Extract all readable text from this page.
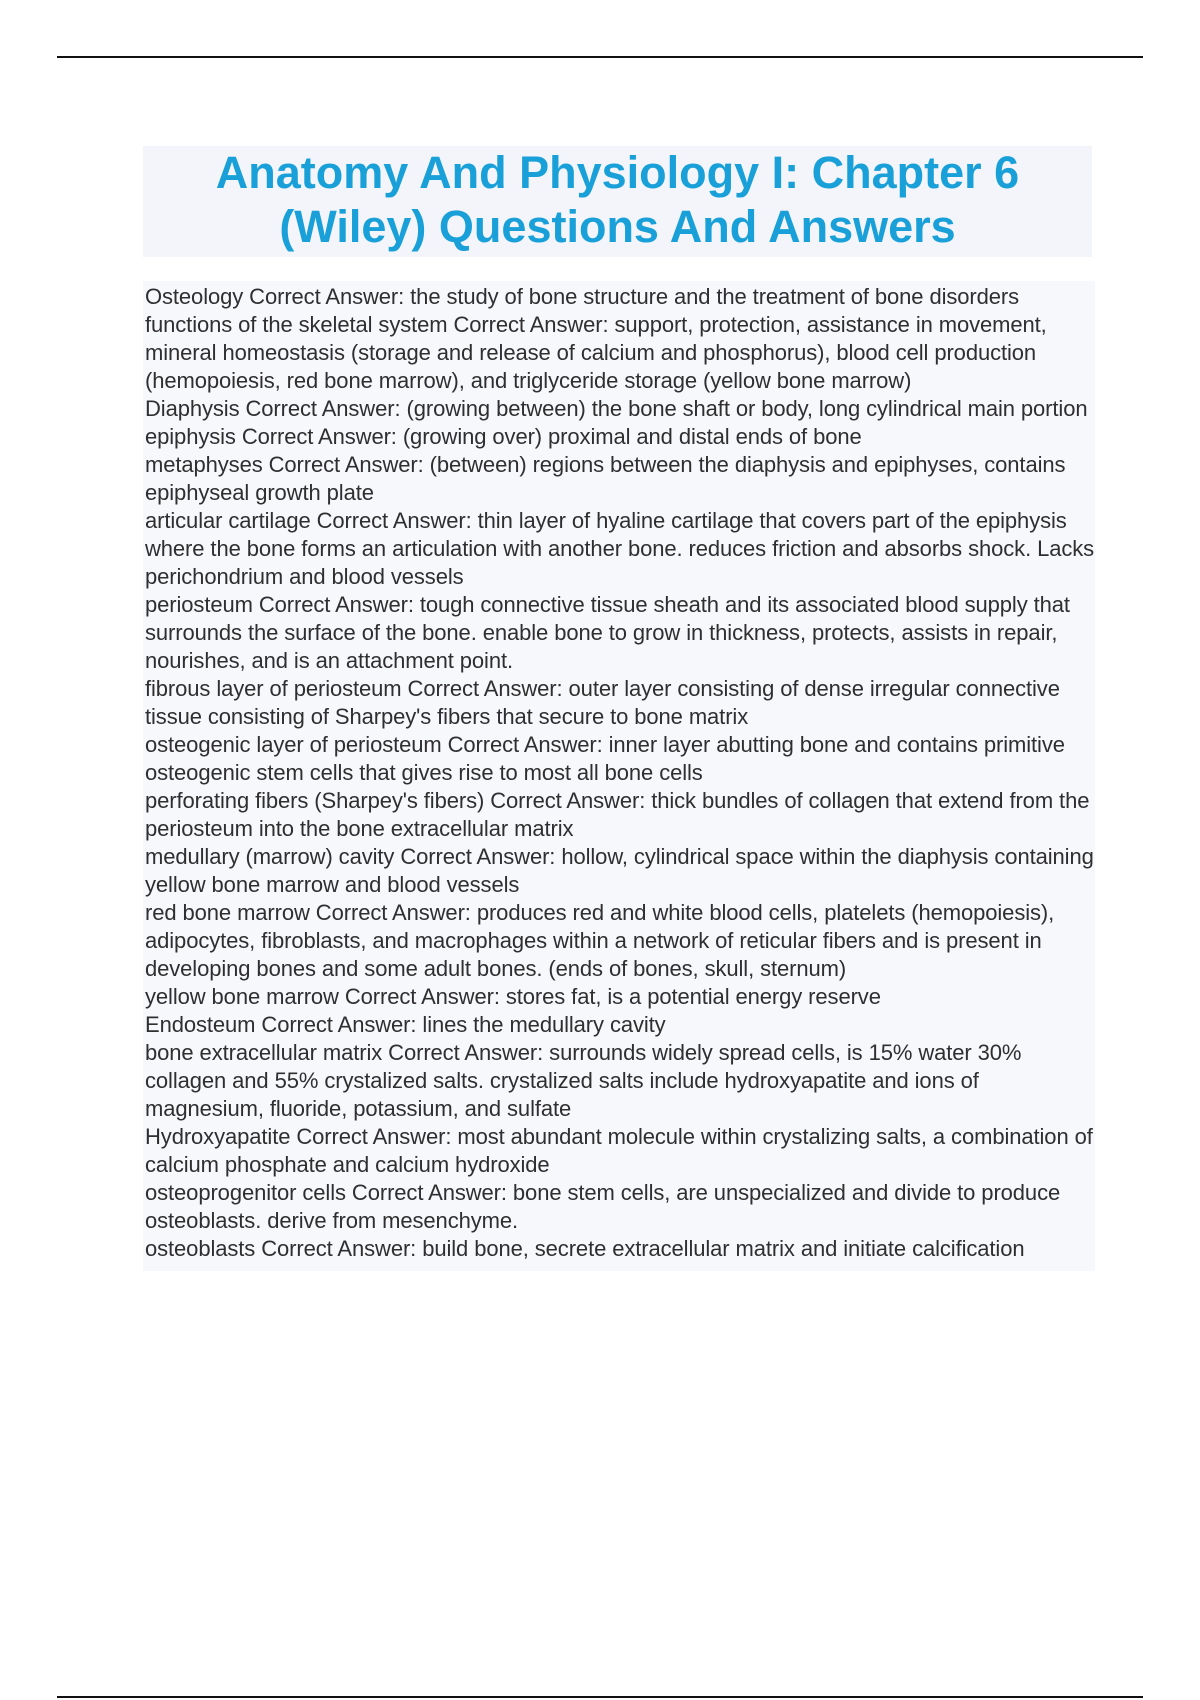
Anatomy And Physiology I: Chapter 6
(Wiley) Questions And Answers

Osteology Correct Answer: the study of bone structure and the treatment of bone disorders

functions of the skeletal system Correct Answer: support, protection, assistance in movement, mineral homeostasis (storage and release of calcium and phosphorus), blood cell production (hemopoiesis, red bone marrow), and triglyceride storage (yellow bone marrow)

Diaphysis Correct Answer: (growing between) the bone shaft or body, long cylindrical main portion

epiphysis Correct Answer: (growing over) proximal and distal ends of bone

metaphyses Correct Answer: (between) regions between the diaphysis and epiphyses, contains epiphyseal growth plate

articular cartilage Correct Answer: thin layer of hyaline cartilage that covers part of the epiphysis where the bone forms an articulation with another bone. reduces friction and absorbs shock. Lacks perichondrium and blood vessels

periosteum Correct Answer: tough connective tissue sheath and its associated blood supply that surrounds the surface of the bone. enable bone to grow in thickness, protects, assists in repair, nourishes, and is an attachment point.

fibrous layer of periosteum Correct Answer: outer layer consisting of dense irregular connective tissue consisting of Sharpey's fibers that secure to bone matrix

osteogenic layer of periosteum Correct Answer: inner layer abutting bone and contains primitive osteogenic stem cells that gives rise to most all bone cells

perforating fibers (Sharpey's fibers) Correct Answer: thick bundles of collagen that extend from the periosteum into the bone extracellular matrix

medullary (marrow) cavity Correct Answer: hollow, cylindrical space within the diaphysis containing yellow bone marrow and blood vessels

red bone marrow Correct Answer: produces red and white blood cells, platelets (hemopoiesis), adipocytes, fibroblasts, and macrophages within a network of reticular fibers and is present in developing bones and some adult bones. (ends of bones, skull, sternum)

yellow bone marrow Correct Answer: stores fat, is a potential energy reserve

Endosteum Correct Answer: lines the medullary cavity

bone extracellular matrix Correct Answer: surrounds widely spread cells, is 15% water 30% collagen and 55% crystalized salts. crystalized salts include hydroxyapatite and ions of magnesium, fluoride, potassium, and sulfate

Hydroxyapatite Correct Answer: most abundant molecule within crystalizing salts, a combination of calcium phosphate and calcium hydroxide

osteoprogenitor cells Correct Answer: bone stem cells, are unspecialized and divide to produce osteoblasts. derive from mesenchyme.

osteoblasts Correct Answer: build bone, secrete extracellular matrix and initiate calcification
